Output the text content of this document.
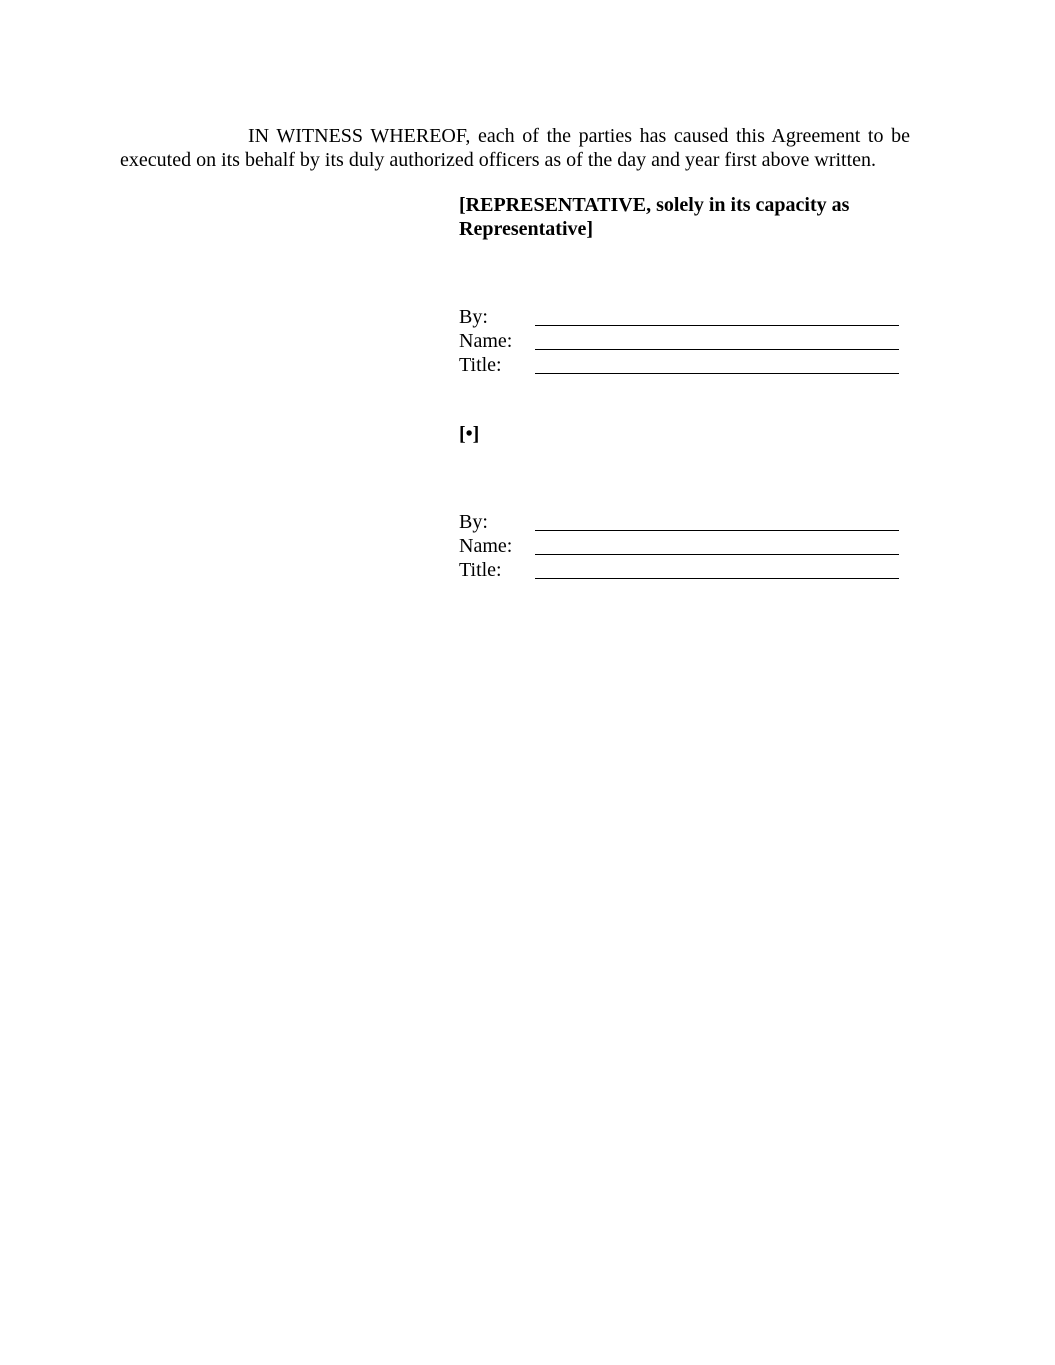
IN WITNESS WHEREOF, each of the parties has caused this Agreement to be executed on its behalf by its duly authorized officers as of the day and year first above written.

[REPRESENTATIVE, solely in its capacity as Representative]

By:
Name:
Title:

[•]

By:
Name:
Title:
